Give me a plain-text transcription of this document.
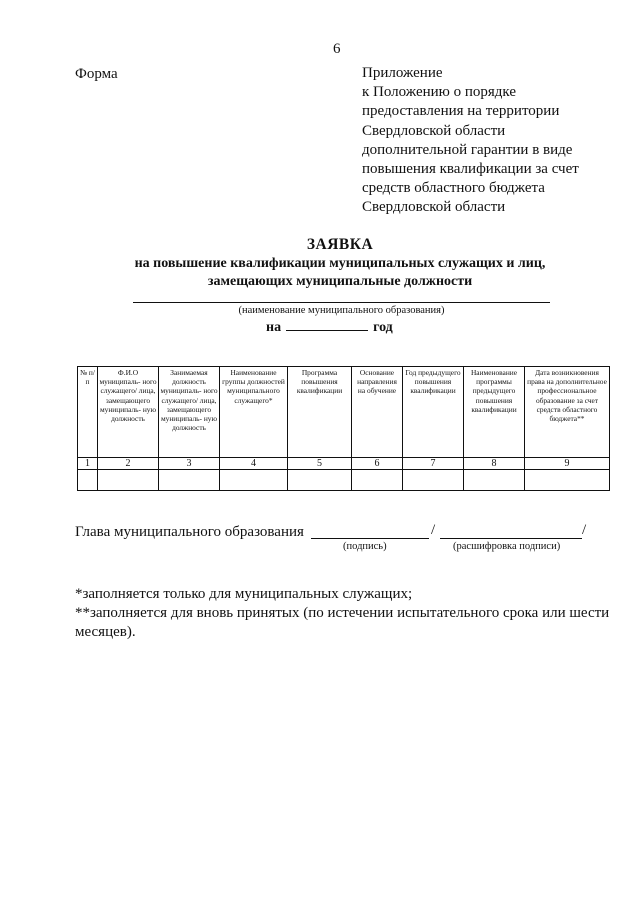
6
Форма	Приложение
к Положению о порядке
предоставления на территории
Свердловской области
дополнительной гарантии в виде
повышения квалификации за счет
средств областного бюджета
Свердловской области
ЗАЯВКА
на повышение квалификации муниципальных служащих и лиц,
замещающих муниципальные должности
(наименование муниципального образования)
на	год
№ п/п	Ф.И.О муниципаль- ного служащего/ лица, замещающего муниципаль- ную должность	Занимаемая должность муниципаль- ного служащего/ лица, замещающего муниципаль- ную должность	Наименование группы должностей муниципального служащего*	Программа повышения квалификации	Основание направления на обучение	Год предыдущего повышения квалификации	Наименование программы предыдущего повышения квалификации	Дата возникновения права на дополнительное профессиональное образование за счет средств областного бюджета**
1	2	3	4	5	6	7	8	9

Глава муниципального образования	/	/
(подпись)	(расшифровка подписи)

*заполняется только для муниципальных служащих;

**заполняется для вновь принятых (по истечении испытательного срока или шести месяцев).
